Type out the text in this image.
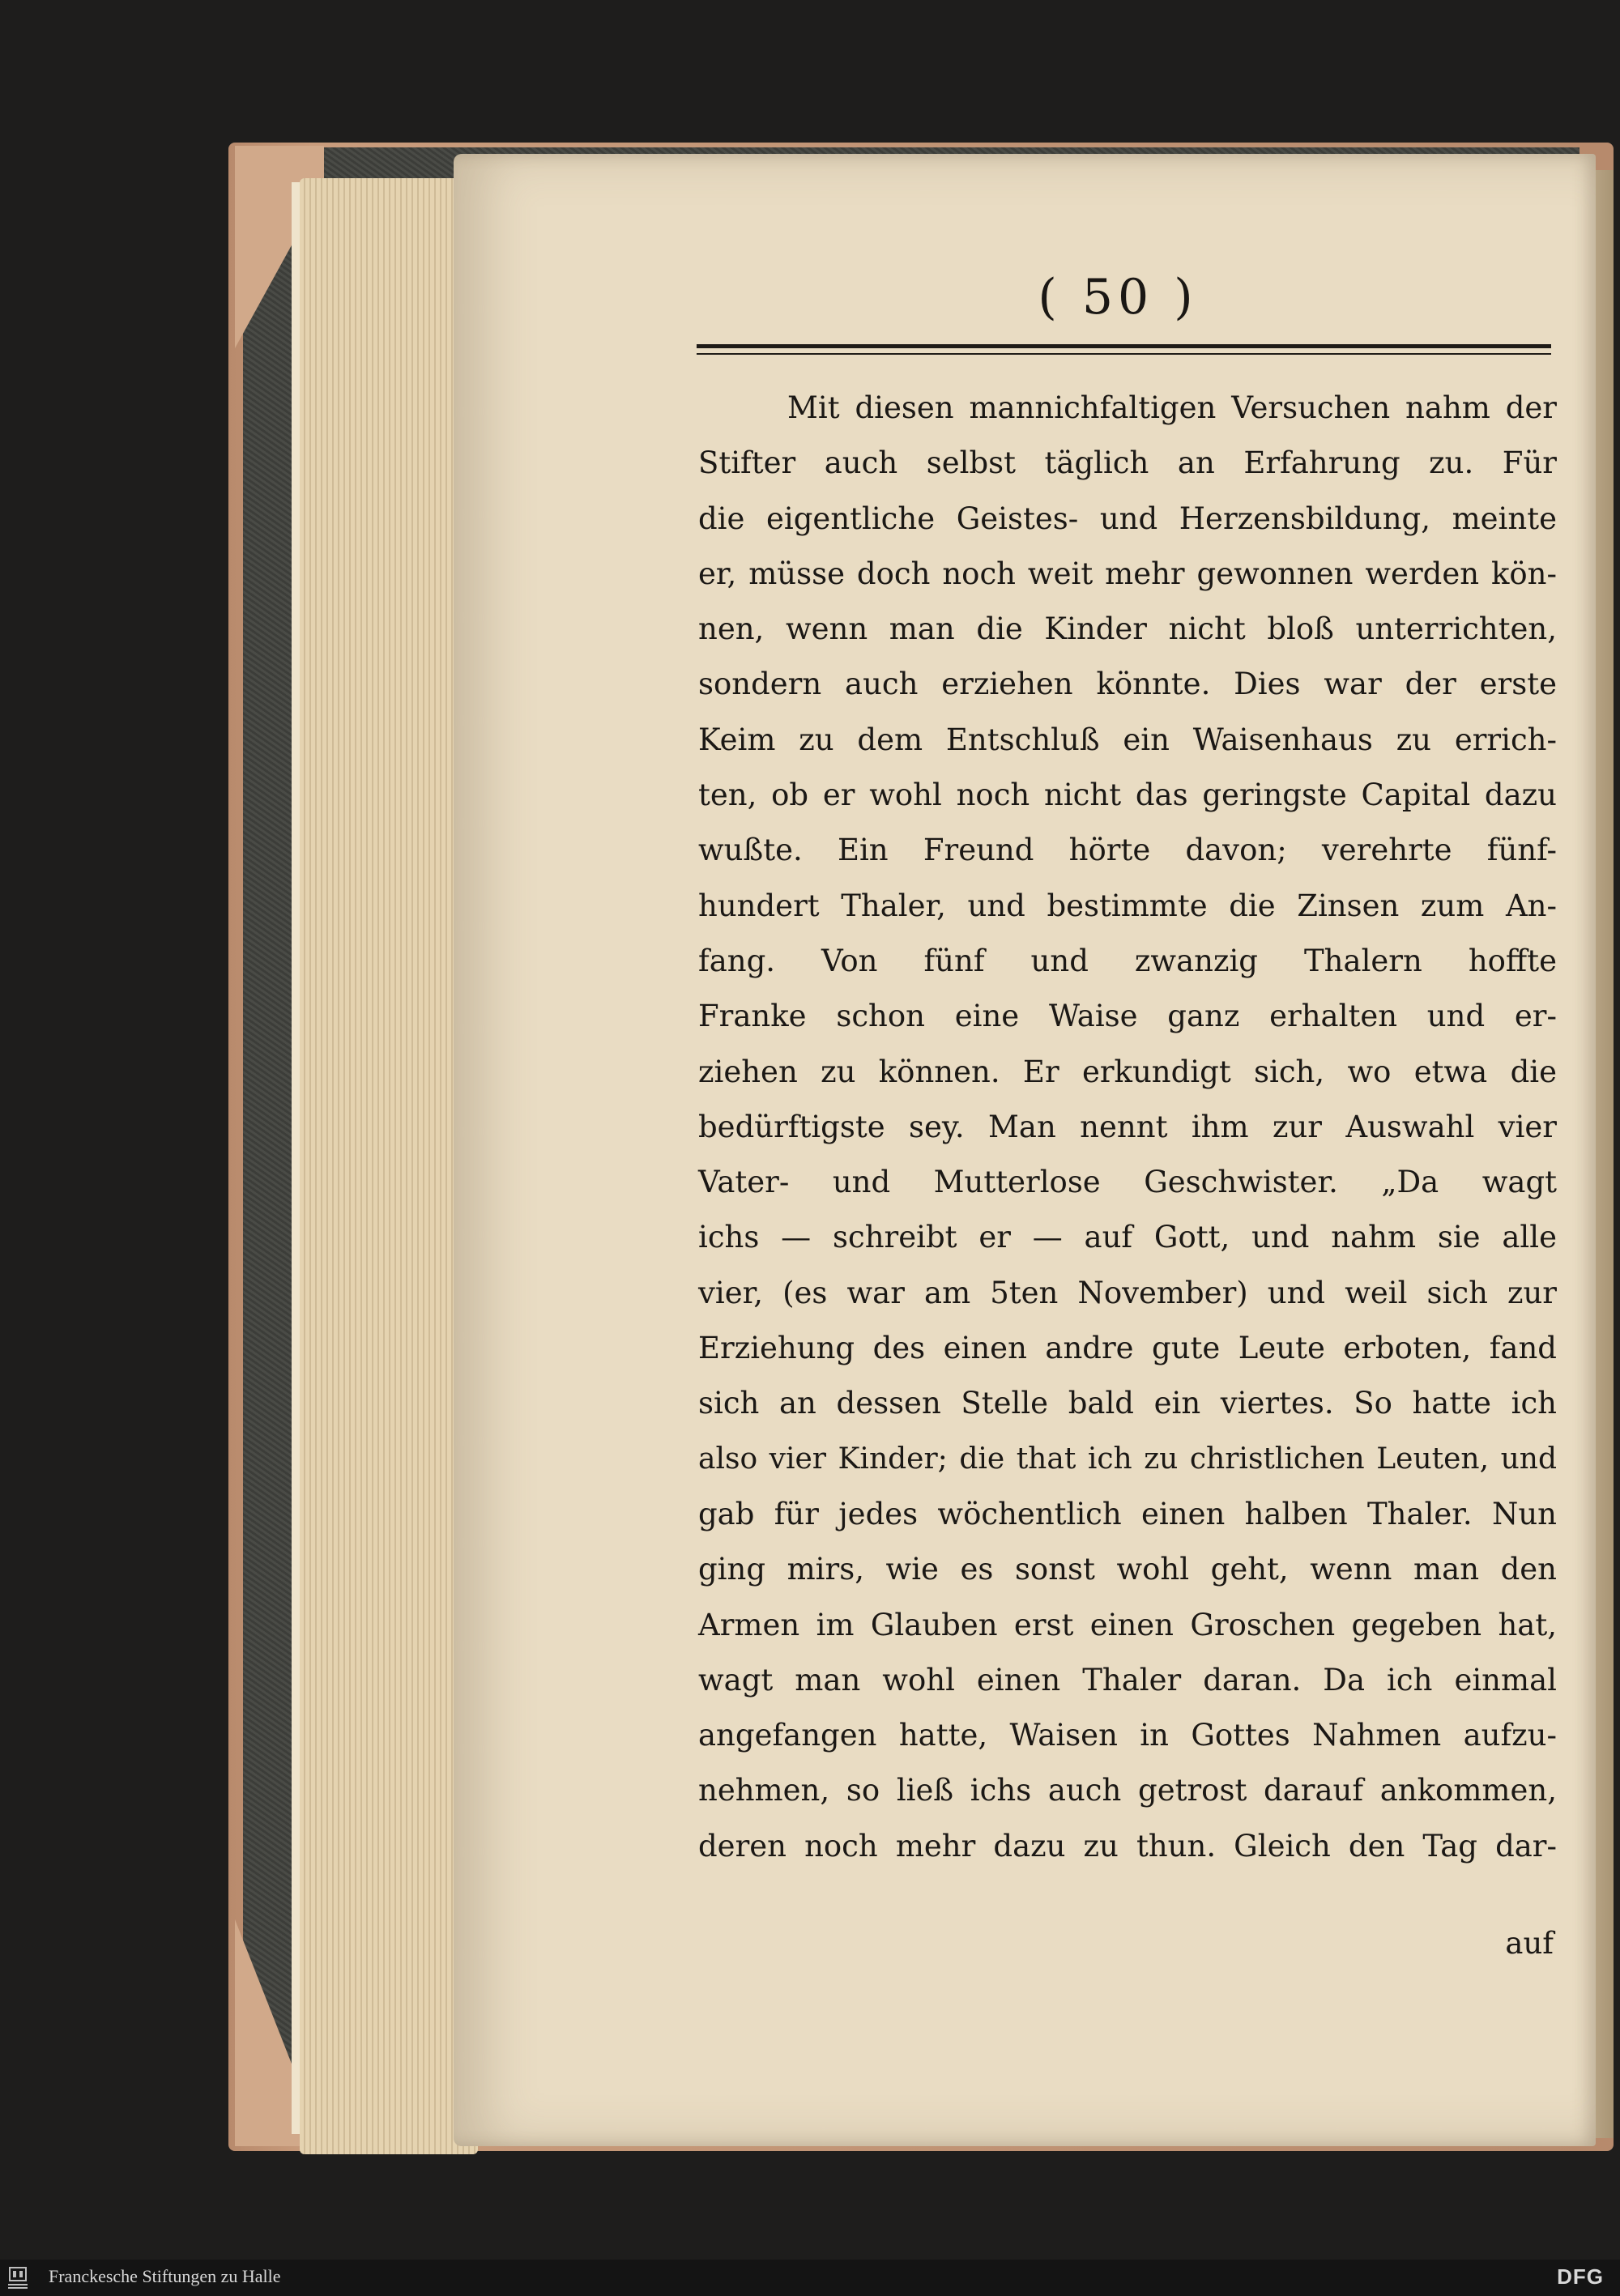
( 50 )
Mit diesen mannichfaltigen Versuchen nahm der
Stifter auch selbst täglich an Erfahrung zu. Für
die eigentliche Geistes- und Herzensbildung, meinte
er, müsse doch noch weit mehr gewonnen werden kön-
nen, wenn man die Kinder nicht bloß unterrichten,
sondern auch erziehen könnte. Dies war der erste
Keim zu dem Entschluß ein Waisenhaus zu errich-
ten, ob er wohl noch nicht das geringste Capital dazu
wußte. Ein Freund hörte davon; verehrte fünf-
hundert Thaler, und bestimmte die Zinsen zum An-
fang. Von fünf und zwanzig Thalern hoffte
Franke schon eine Waise ganz erhalten und er-
ziehen zu können. Er erkundigt sich, wo etwa die
bedürftigste sey. Man nennt ihm zur Auswahl vier
Vater- und Mutterlose Geschwister. „Da wagt
ichs — schreibt er — auf Gott, und nahm sie alle
vier, (es war am 5ten November) und weil sich zur
Erziehung des einen andre gute Leute erboten, fand
sich an dessen Stelle bald ein viertes. So hatte ich
also vier Kinder; die that ich zu christlichen Leuten, und
gab für jedes wöchentlich einen halben Thaler. Nun
ging mirs, wie es sonst wohl geht, wenn man den
Armen im Glauben erst einen Groschen gegeben hat,
wagt man wohl einen Thaler daran. Da ich einmal
angefangen hatte, Waisen in Gottes Nahmen aufzu-
nehmen, so ließ ichs auch getrost darauf ankommen,
deren noch mehr dazu zu thun. Gleich den Tag dar-
auf
Franckesche Stiftungen zu Halle	DFG
